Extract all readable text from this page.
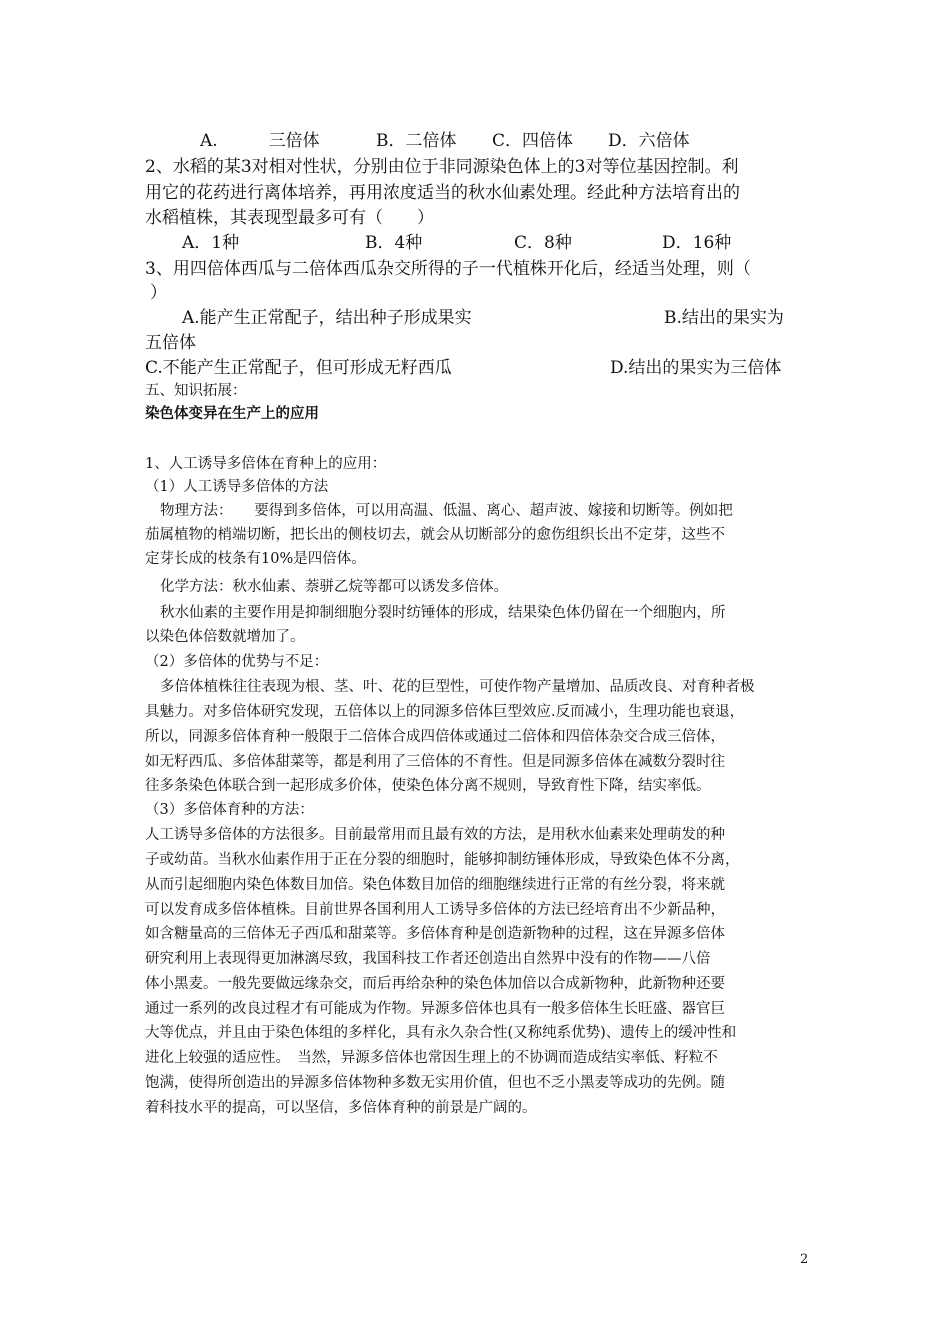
A.　　　三倍体	B．二倍体 C．四倍体 D．六倍体
2、水稻的某3对相对性状，分别由位于非同源染色体上的3对等位基因控制。利
用它的花药进行离体培养，再用浓度适当的秋水仙素处理。经此种方法培育出的
水稻植株，其表现型最多可有（　　）
A．1种	B．4种	C．8种	D．16种
3、用四倍体西瓜与二倍体西瓜杂交所得的子一代植株开化后，经适当处理，则（
）
A.能产生正常配子，结出种子形成果实	B.结出的果实为
五倍体
C.不能产生正常配子，但可形成无籽西瓜	D.结出的果实为三倍体
五、知识拓展：
染色体变异在生产上的应用
1、人工诱导多倍体在育种上的应用：
（1）人工诱导多倍体的方法
物理方法：　　要得到多倍体，可以用高温、低温、离心、超声波、嫁接和切断等。例如把
茄属植物的梢端切断，把长出的侧枝切去，就会从切断部分的愈伤组织长出不定芽，这些不
定芽长成的枝条有10%是四倍体。
化学方法：秋水仙素、萘骈乙烷等都可以诱发多倍体。
秋水仙素的主要作用是抑制细胞分裂时纺锤体的形成，结果染色体仍留在一个细胞内，所
以染色体倍数就增加了。
（2）多倍体的优势与不足：
多倍体植株往往表现为根、茎、叶、花的巨型性，可使作物产量增加、品质改良、对育种者极
具魅力。对多倍体研究发现，五倍体以上的同源多倍体巨型效应.反而减小，生理功能也衰退，
所以，同源多倍体育种一般限于二倍体合成四倍体或通过二倍体和四倍体杂交合成三倍体，
如无籽西瓜、多倍体甜菜等，都是利用了三倍体的不育性。但是同源多倍体在减数分裂时往
往多条染色体联合到一起形成多价体，使染色体分离不规则，导致育性下降，结实率低。
（3）多倍体育种的方法：
人工诱导多倍体的方法很多。目前最常用而且最有效的方法，是用秋水仙素来处理萌发的种
子或幼苗。当秋水仙素作用于正在分裂的细胞时，能够抑制纺锤体形成，导致染色体不分离，
从而引起细胞内染色体数目加倍。染色体数目加倍的细胞继续进行正常的有丝分裂，将来就
可以发育成多倍体植株。目前世界各国利用人工诱导多倍体的方法已经培育出不少新品种，
如含糖量高的三倍体无子西瓜和甜菜等。多倍体育种是创造新物种的过程，这在异源多倍体
研究利用上表现得更加淋漓尽致，我国科技工作者还创造出自然界中没有的作物——八倍
体小黑麦。一般先要做远缘杂交，而后再给杂种的染色体加倍以合成新物种，此新物种还要
通过一系列的改良过程才有可能成为作物。异源多倍体也具有一般多倍体生长旺盛、器官巨
大等优点，并且由于染色体组的多样化，具有永久杂合性(又称纯系优势)、遗传上的缓冲性和
进化上较强的适应性。　当然，异源多倍体也常因生理上的不协调而造成结实率低、籽粒不
饱满，使得所创造出的异源多倍体物种多数无实用价值，但也不乏小黑麦等成功的先例。随
着科技水平的提高，可以坚信，多倍体育种的前景是广阔的。
2
